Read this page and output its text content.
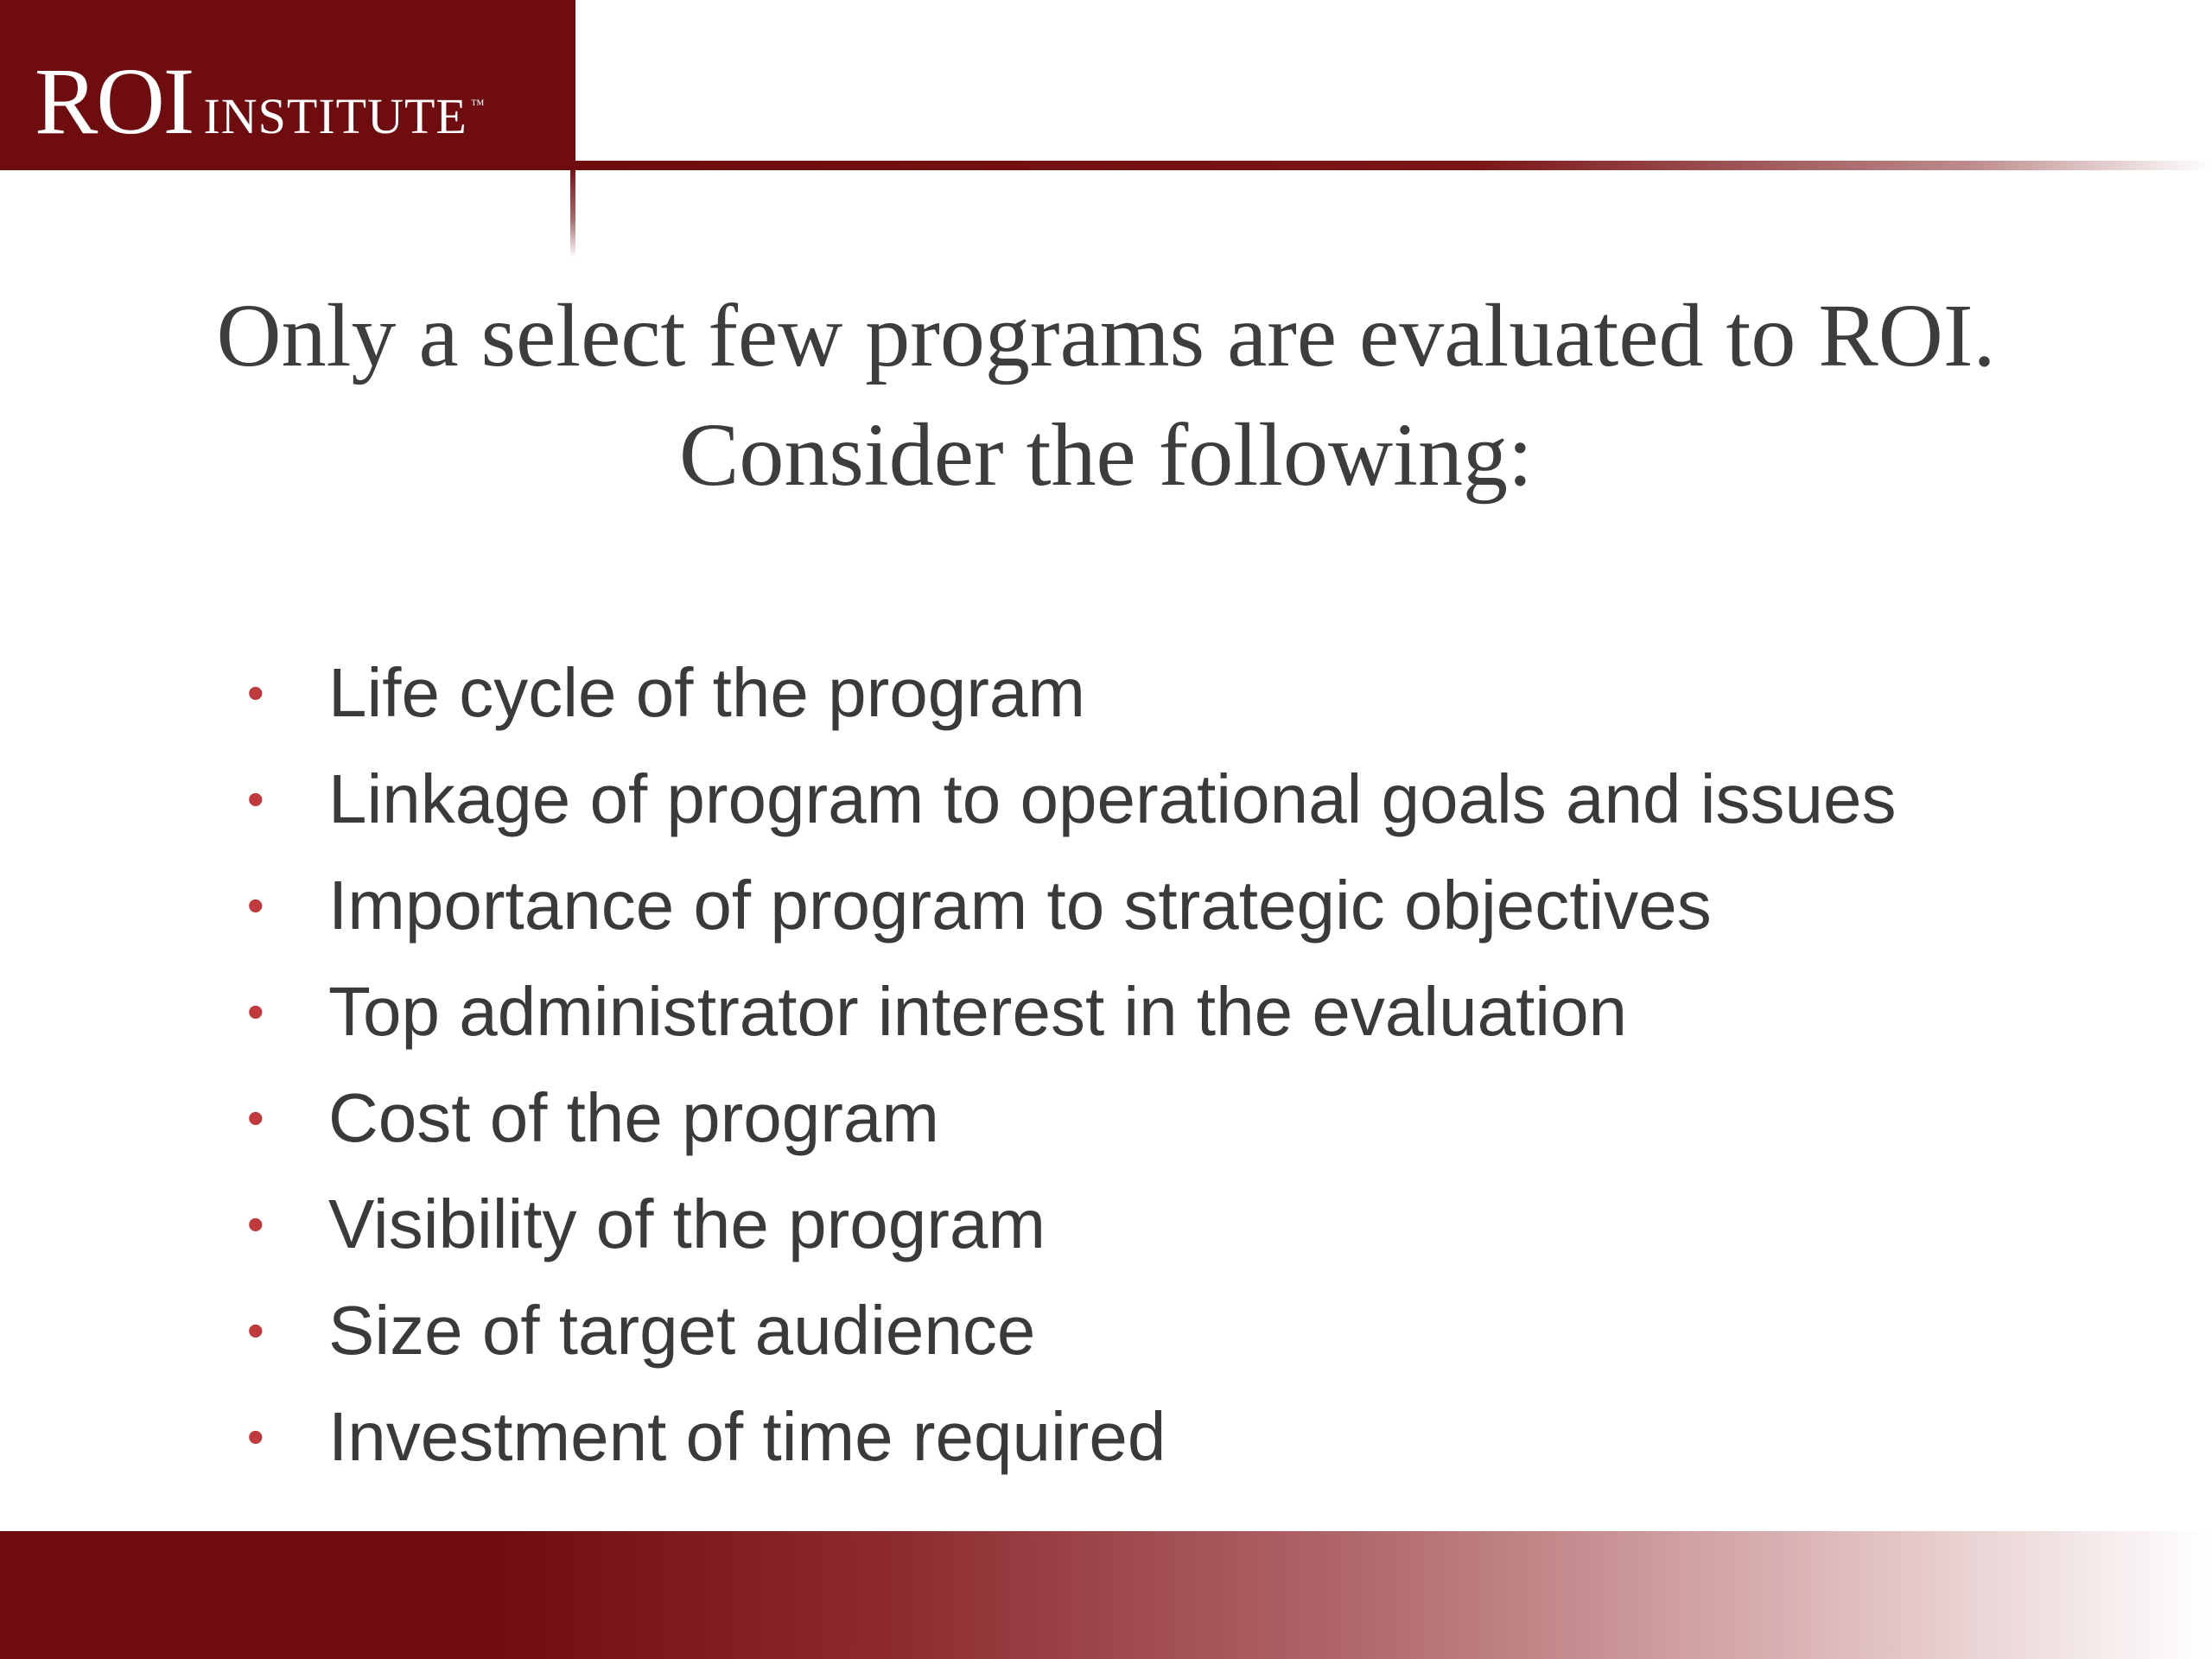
ROI INSTITUTE ™
Only a select few programs are evaluated to ROI.
Consider the following:
• Life cycle of the program
• Linkage of program to operational goals and issues
• Importance of program to strategic objectives
• Top administrator interest in the evaluation
• Cost of the program
• Visibility of the program
• Size of target audience
• Investment of time required
